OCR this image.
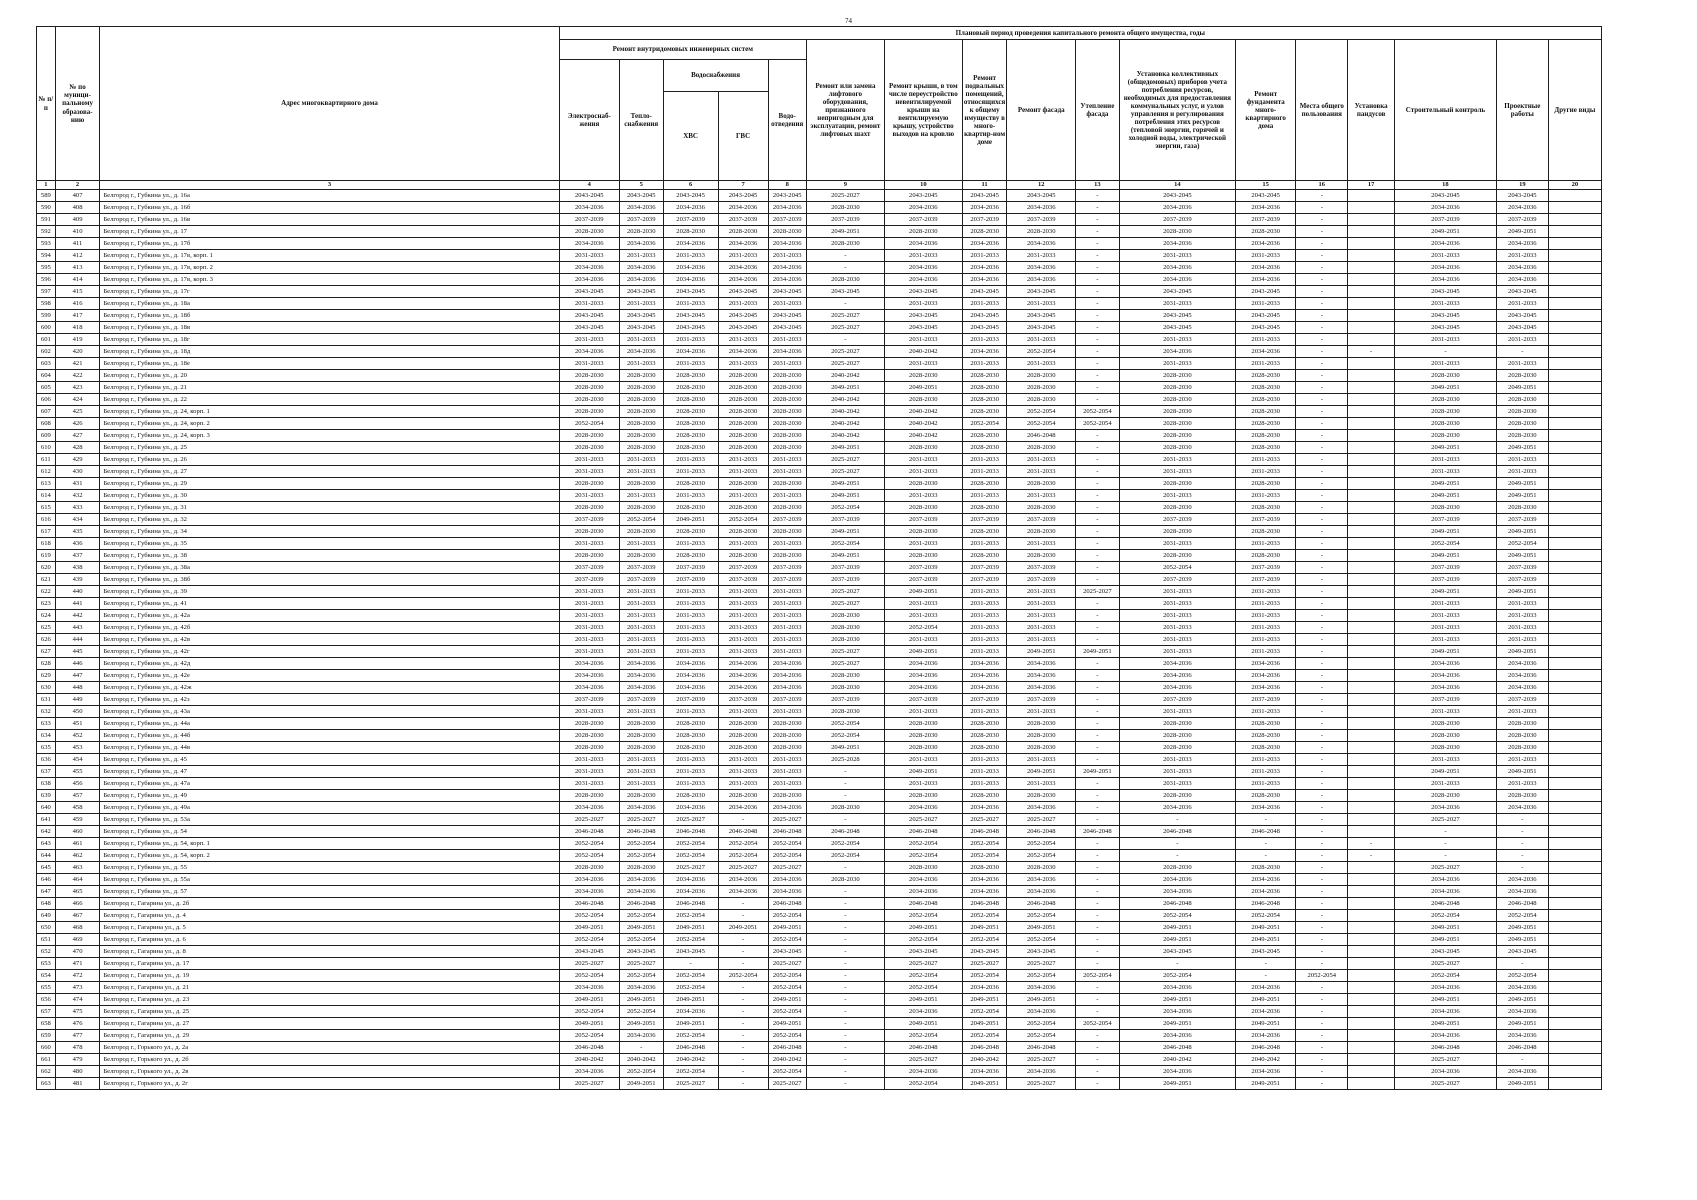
74
№ п/п	№ по муници-пальному образова-нию	Адрес многоквартирного дома	Плановый период проведения капитального ремонта общего имущества, годы																
			Ремонт внутридомовых инженерных систем					Ремонт или замена лифтового оборудования, признанного непригодным для эксплуатации, ремонт лифтовых шахт	Ремонт крыши, в том числе переустройство невентилируемой крыши на вентилируемую крышу, устройство выходов на кровлю	Ремонт подвальных помещений, относящихся к общему имуществу в много-квартир-ном доме	Ремонт фасада	Утепление фасада	Установка коллективных (общедомовых) приборов учета потребления ресурсов, необходимых для предоставления коммунальных услуг, и узлов управления и регулирования потребления этих ресурсов (тепловой энергии, горячей и холодной воды, электрической энергии, газа)	Ремонт фундамента много-квартирного дома	Места общего пользования	Установка пандусов	Строительный контроль	Проектные работы	Другие виды
			Электроснаб-жения	Тепло-снабжения	Водоснабжения		Водо-отведения												
					ХВС	ГВС													
1	2	3	4	5	6	7	8	9	10	11	12	13	14	15	16	17	18	19	20
589	407	Белгород г., Губкина ул., д. 16а	2043-2045	2043-2045	2043-2045	2043-2045	2043-2045	2025-2027	2043-2045	2043-2045	2043-2045	-	2043-2045	2043-2045	-		2043-2045	2043-2045	
590	408	Белгород г., Губкина ул., д. 16б	2034-2036	2034-2036	2034-2036	2034-2036	2034-2036	2028-2030	2034-2036	2034-2036	2034-2036	-	2034-2036	2034-2036	-		2034-2036	2034-2036	
591	409	Белгород г., Губкина ул., д. 16в	2037-2039	2037-2039	2037-2039	2037-2039	2037-2039	2037-2039	2037-2039	2037-2039	2037-2039	-	2037-2039	2037-2039	-		2037-2039	2037-2039	
592	410	Белгород г., Губкина ул., д. 17	2028-2030	2028-2030	2028-2030	2028-2030	2028-2030	2049-2051	2028-2030	2028-2030	2028-2030	-	2028-2030	2028-2030	-		2049-2051	2049-2051	
593	411	Белгород г., Губкина ул., д. 17б	2034-2036	2034-2036	2034-2036	2034-2036	2034-2036	2028-2030	2034-2036	2034-2036	2034-2036	-	2034-2036	2034-2036	-		2034-2036	2034-2036	
594	412	Белгород г., Губкина ул., д. 17в, корп. 1	2031-2033	2031-2033	2031-2033	2031-2033	2031-2033	-	2031-2033	2031-2033	2031-2033	-	2031-2033	2031-2033	-		2031-2033	2031-2033	
595	413	Белгород г., Губкина ул., д. 17в, корп. 2	2034-2036	2034-2036	2034-2036	2034-2036	2034-2036	-	2034-2036	2034-2036	2034-2036	-	2034-2036	2034-2036	-		2034-2036	2034-2036	
596	414	Белгород г., Губкина ул., д. 17в, корп. 3	2034-2036	2034-2036	2034-2036	2034-2036	2034-2036	2028-2030	2034-2036	2034-2036	2034-2036	-	2034-2036	2034-2036	-		2034-2036	2034-2036	
597	415	Белгород г., Губкина ул., д. 17г	2043-2045	2043-2045	2043-2045	2043-2045	2043-2045	2043-2045	2043-2045	2043-2045	2043-2045	-	2043-2045	2043-2045	-		2043-2045	2043-2045	
598	416	Белгород г., Губкина ул., д. 18а	2031-2033	2031-2033	2031-2033	2031-2033	2031-2033	-	2031-2033	2031-2033	2031-2033	-	2031-2033	2031-2033	-		2031-2033	2031-2033	
599	417	Белгород г., Губкина ул., д. 18б	2043-2045	2043-2045	2043-2045	2043-2045	2043-2045	2025-2027	2043-2045	2043-2045	2043-2045	-	2043-2045	2043-2045	-		2043-2045	2043-2045	
600	418	Белгород г., Губкина ул., д. 18в	2043-2045	2043-2045	2043-2045	2043-2045	2043-2045	2025-2027	2043-2045	2043-2045	2043-2045	-	2043-2045	2043-2045	-		2043-2045	2043-2045	
601	419	Белгород г., Губкина ул., д. 18г	2031-2033	2031-2033	2031-2033	2031-2033	2031-2033	-	2031-2033	2031-2033	2031-2033	-	2031-2033	2031-2033	-		2031-2033	2031-2033	
602	420	Белгород г., Губкина ул., д. 18д	2034-2036	2034-2036	2034-2036	2034-2036	2034-2036	2025-2027	2040-2042	2034-2036	2052-2054	-	2034-2036	2034-2036	-	-	-	-	
603	421	Белгород г., Губкина ул., д. 18е	2031-2033	2031-2033	2031-2033	2031-2033	2031-2033	2025-2027	2031-2033	2031-2033	2031-2033	-	2031-2033	2031-2033	-		2031-2033	2031-2033	
604	422	Белгород г., Губкина ул., д. 20	2028-2030	2028-2030	2028-2030	2028-2030	2028-2030	2040-2042	2028-2030	2028-2030	2028-2030	-	2028-2030	2028-2030	-		2028-2030	2028-2030	
605	423	Белгород г., Губкина ул., д. 21	2028-2030	2028-2030	2028-2030	2028-2030	2028-2030	2049-2051	2049-2051	2028-2030	2028-2030	-	2028-2030	2028-2030	-		2049-2051	2049-2051	
606	424	Белгород г., Губкина ул., д. 22	2028-2030	2028-2030	2028-2030	2028-2030	2028-2030	2040-2042	2028-2030	2028-2030	2028-2030	-	2028-2030	2028-2030	-		2028-2030	2028-2030	
607	425	Белгород г., Губкина ул., д. 24, корп. 1	2028-2030	2028-2030	2028-2030	2028-2030	2028-2030	2040-2042	2040-2042	2028-2030	2052-2054	2052-2054	2028-2030	2028-2030	-		2028-2030	2028-2030	
608	426	Белгород г., Губкина ул., д. 24, корп. 2	2052-2054	2028-2030	2028-2030	2028-2030	2028-2030	2040-2042	2040-2042	2052-2054	2052-2054	2052-2054	2028-2030	2028-2030	-		2028-2030	2028-2030	
609	427	Белгород г., Губкина ул., д. 24, корп. 3	2028-2030	2028-2030	2028-2030	2028-2030	2028-2030	2040-2042	2040-2042	2028-2030	2046-2048	-	2028-2030	2028-2030	-		2028-2030	2028-2030	
610	428	Белгород г., Губкина ул., д. 25	2028-2030	2028-2030	2028-2030	2028-2030	2028-2030	2049-2051	2028-2030	2028-2030	2028-2030	-	2028-2030	2028-2030	-		2049-2051	2049-2051	
611	429	Белгород г., Губкина ул., д. 26	2031-2033	2031-2033	2031-2033	2031-2033	2031-2033	2025-2027	2031-2033	2031-2033	2031-2033	-	2031-2033	2031-2033	-		2031-2033	2031-2033	
612	430	Белгород г., Губкина ул., д. 27	2031-2033	2031-2033	2031-2033	2031-2033	2031-2033	2025-2027	2031-2033	2031-2033	2031-2033	-	2031-2033	2031-2033	-		2031-2033	2031-2033	
613	431	Белгород г., Губкина ул., д. 29	2028-2030	2028-2030	2028-2030	2028-2030	2028-2030	2049-2051	2028-2030	2028-2030	2028-2030	-	2028-2030	2028-2030	-		2049-2051	2049-2051	
614	432	Белгород г., Губкина ул., д. 30	2031-2033	2031-2033	2031-2033	2031-2033	2031-2033	2049-2051	2031-2033	2031-2033	2031-2033	-	2031-2033	2031-2033	-		2049-2051	2049-2051	
615	433	Белгород г., Губкина ул., д. 31	2028-2030	2028-2030	2028-2030	2028-2030	2028-2030	2052-2054	2028-2030	2028-2030	2028-2030	-	2028-2030	2028-2030	-		2028-2030	2028-2030	
616	434	Белгород г., Губкина ул., д. 32	2037-2039	2052-2054	2049-2051	2052-2054	2037-2039	2037-2039	2037-2039	2037-2039	2037-2039	-	2037-2039	2037-2039	-		2037-2039	2037-2039	
617	435	Белгород г., Губкина ул., д. 34	2028-2030	2028-2030	2028-2030	2028-2030	2028-2030	2049-2051	2028-2030	2028-2030	2028-2030	-	2028-2030	2028-2030	-		2049-2051	2049-2051	
618	436	Белгород г., Губкина ул., д. 35	2031-2033	2031-2033	2031-2033	2031-2033	2031-2033	2052-2054	2031-2033	2031-2033	2031-2033	-	2031-2033	2031-2033	-		2052-2054	2052-2054	
619	437	Белгород г., Губкина ул., д. 38	2028-2030	2028-2030	2028-2030	2028-2030	2028-2030	2049-2051	2028-2030	2028-2030	2028-2030	-	2028-2030	2028-2030	-		2049-2051	2049-2051	
620	438	Белгород г., Губкина ул., д. 38а	2037-2039	2037-2039	2037-2039	2037-2039	2037-2039	2037-2039	2037-2039	2037-2039	2037-2039	-	2052-2054	2037-2039	-		2037-2039	2037-2039	
621	439	Белгород г., Губкина ул., д. 38б	2037-2039	2037-2039	2037-2039	2037-2039	2037-2039	2037-2039	2037-2039	2037-2039	2037-2039	-	2037-2039	2037-2039	-		2037-2039	2037-2039	
622	440	Белгород г., Губкина ул., д. 39	2031-2033	2031-2033	2031-2033	2031-2033	2031-2033	2025-2027	2049-2051	2031-2033	2031-2033	2025-2027	2031-2033	2031-2033	-		2049-2051	2049-2051	
623	441	Белгород г., Губкина ул., д. 41	2031-2033	2031-2033	2031-2033	2031-2033	2031-2033	2025-2027	2031-2033	2031-2033	2031-2033	-	2031-2033	2031-2033	-		2031-2033	2031-2033	
624	442	Белгород г., Губкина ул., д. 42а	2031-2033	2031-2033	2031-2033	2031-2033	2031-2033	2028-2030	2031-2033	2031-2033	2031-2033	-	2031-2033	2031-2033	-		2031-2033	2031-2033	
625	443	Белгород г., Губкина ул., д. 42б	2031-2033	2031-2033	2031-2033	2031-2033	2031-2033	2028-2030	2052-2054	2031-2033	2031-2033	-	2031-2033	2031-2033	-		2031-2033	2031-2033	
626	444	Белгород г., Губкина ул., д. 42в	2031-2033	2031-2033	2031-2033	2031-2033	2031-2033	2028-2030	2031-2033	2031-2033	2031-2033	-	2031-2033	2031-2033	-		2031-2033	2031-2033	
627	445	Белгород г., Губкина ул., д. 42г	2031-2033	2031-2033	2031-2033	2031-2033	2031-2033	2025-2027	2049-2051	2031-2033	2049-2051	2049-2051	2031-2033	2031-2033	-		2049-2051	2049-2051	
628	446	Белгород г., Губкина ул., д. 42д	2034-2036	2034-2036	2034-2036	2034-2036	2034-2036	2025-2027	2034-2036	2034-2036	2034-2036	-	2034-2036	2034-2036	-		2034-2036	2034-2036	
629	447	Белгород г., Губкина ул., д. 42е	2034-2036	2034-2036	2034-2036	2034-2036	2034-2036	2028-2030	2034-2036	2034-2036	2034-2036	-	2034-2036	2034-2036	-		2034-2036	2034-2036	
630	448	Белгород г., Губкина ул., д. 42ж	2034-2036	2034-2036	2034-2036	2034-2036	2034-2036	2028-2030	2034-2036	2034-2036	2034-2036	-	2034-2036	2034-2036	-		2034-2036	2034-2036	
631	449	Белгород г., Губкина ул., д. 42з	2037-2039	2037-2039	2037-2039	2037-2039	2037-2039	2037-2039	2037-2039	2037-2039	2037-2039	-	2037-2039	2037-2039	-		2037-2039	2037-2039	
632	450	Белгород г., Губкина ул., д. 43а	2031-2033	2031-2033	2031-2033	2031-2033	2031-2033	2028-2030	2031-2033	2031-2033	2031-2033	-	2031-2033	2031-2033	-		2031-2033	2031-2033	
633	451	Белгород г., Губкина ул., д. 44а	2028-2030	2028-2030	2028-2030	2028-2030	2028-2030	2052-2054	2028-2030	2028-2030	2028-2030	-	2028-2030	2028-2030	-		2028-2030	2028-2030	
634	452	Белгород г., Губкина ул., д. 44б	2028-2030	2028-2030	2028-2030	2028-2030	2028-2030	2052-2054	2028-2030	2028-2030	2028-2030	-	2028-2030	2028-2030	-		2028-2030	2028-2030	
635	453	Белгород г., Губкина ул., д. 44в	2028-2030	2028-2030	2028-2030	2028-2030	2028-2030	2049-2051	2028-2030	2028-2030	2028-2030	-	2028-2030	2028-2030	-		2028-2030	2028-2030	
636	454	Белгород г., Губкина ул., д. 45	2031-2033	2031-2033	2031-2033	2031-2033	2031-2033	2025-2028	2031-2033	2031-2033	2031-2033	-	2031-2033	2031-2033	-		2031-2033	2031-2033	
637	455	Белгород г., Губкина ул., д. 47	2031-2033	2031-2033	2031-2033	2031-2033	2031-2033	-	2049-2051	2031-2033	2049-2051	2049-2051	2031-2033	2031-2033	-		2049-2051	2049-2051	
638	456	Белгород г., Губкина ул., д. 47а	2031-2033	2031-2033	2031-2033	2031-2033	2031-2033	-	2031-2033	2031-2033	2031-2033	-	2031-2033	2031-2033	-		2031-2033	2031-2033	
639	457	Белгород г., Губкина ул., д. 49	2028-2030	2028-2030	2028-2030	2028-2030	2028-2030	-	2028-2030	2028-2030	2028-2030	-	2028-2030	2028-2030	-		2028-2030	2028-2030	
640	458	Белгород г., Губкина ул., д. 49а	2034-2036	2034-2036	2034-2036	2034-2036	2034-2036	2028-2030	2034-2036	2034-2036	2034-2036	-	2034-2036	2034-2036	-		2034-2036	2034-2036	
641	459	Белгород г., Губкина ул., д. 53а	2025-2027	2025-2027	2025-2027	-	2025-2027	-	2025-2027	2025-2027	2025-2027	-	-	-	-		2025-2027	-	
642	460	Белгород г., Губкина ул., д. 54	2046-2048	2046-2048	2046-2048	2046-2048	2046-2048	2046-2048	2046-2048	2046-2048	2046-2048	2046-2048	2046-2048	2046-2048	-		-	-	
643	461	Белгород г., Губкина ул., д. 54, корп. 1	2052-2054	2052-2054	2052-2054	2052-2054	2052-2054	2052-2054	2052-2054	2052-2054	2052-2054	-	-	-	-	-	-	-	
644	462	Белгород г., Губкина ул., д. 54, корп. 2	2052-2054	2052-2054	2052-2054	2052-2054	2052-2054	2052-2054	2052-2054	2052-2054	2052-2054	-	-	-	-	-	-	-	
645	463	Белгород г., Губкина ул., д. 55	2028-2030	2028-2030	2025-2027	2025-2027	2025-2027	-	2028-2030	2028-2030	2028-2030	-	2028-2030	2028-2030	-		2025-2027	-	
646	464	Белгород г., Губкина ул., д. 55а	2034-2036	2034-2036	2034-2036	2034-2036	2034-2036	2028-2030	2034-2036	2034-2036	2034-2036	-	2034-2036	2034-2036	-		2034-2036	2034-2036	
647	465	Белгород г., Губкина ул., д. 57	2034-2036	2034-2036	2034-2036	2034-2036	2034-2036	-	2034-2036	2034-2036	2034-2036	-	2034-2036	2034-2036	-		2034-2036	2034-2036	
648	466	Белгород г., Гагарина ул., д. 2б	2046-2048	2046-2048	2046-2048	-	2046-2048	-	2046-2048	2046-2048	2046-2048	-	2046-2048	2046-2048	-		2046-2048	2046-2048	
649	467	Белгород г., Гагарина ул., д. 4	2052-2054	2052-2054	2052-2054	-	2052-2054	-	2052-2054	2052-2054	2052-2054	-	2052-2054	2052-2054	-		2052-2054	2052-2054	
650	468	Белгород г., Гагарина ул., д. 5	2049-2051	2049-2051	2049-2051	2049-2051	2049-2051	-	2049-2051	2049-2051	2049-2051	-	2049-2051	2049-2051	-		2049-2051	2049-2051	
651	469	Белгород г., Гагарина ул., д. 6	2052-2054	2052-2054	2052-2054	-	2052-2054	-	2052-2054	2052-2054	2052-2054	-	2049-2051	2049-2051	-		2049-2051	2049-2051	
652	470	Белгород г., Гагарина ул., д. 8	2043-2045	2043-2045	2043-2045	-	2043-2045	-	2043-2045	2043-2045	2043-2045	-	2043-2045	2043-2045	-		2043-2045	2043-2045	
653	471	Белгород г., Гагарина ул., д. 17	2025-2027	2025-2027	-	-	2025-2027	-	2025-2027	2025-2027	2025-2027	-	-	-	-		2025-2027	-	
654	472	Белгород г., Гагарина ул., д. 19	2052-2054	2052-2054	2052-2054	2052-2054	2052-2054	-	2052-2054	2052-2054	2052-2054	2052-2054	2052-2054	-	2052-2054		2052-2054	2052-2054	
655	473	Белгород г., Гагарина ул., д. 21	2034-2036	2034-2036	2052-2054	-	2052-2054	-	2052-2054	2034-2036	2034-2036	-	2034-2036	2034-2036	-		2034-2036	2034-2036	
656	474	Белгород г., Гагарина ул., д. 23	2049-2051	2049-2051	2049-2051	-	2049-2051	-	2049-2051	2049-2051	2049-2051	-	2049-2051	2049-2051	-		2049-2051	2049-2051	
657	475	Белгород г., Гагарина ул., д. 25	2052-2054	2052-2054	2034-2036	-	2052-2054	-	2034-2036	2052-2054	2034-2036	-	2034-2036	2034-2036	-		2034-2036	2034-2036	
658	476	Белгород г., Гагарина ул., д. 27	2049-2051	2049-2051	2049-2051	-	2049-2051	-	2049-2051	2049-2051	2052-2054	2052-2054	2049-2051	2049-2051	-		2049-2051	2049-2051	
659	477	Белгород г., Гагарина ул., д. 29	2052-2054	2034-2036	2052-2054	-	2052-2054	-	2052-2054	2052-2054	2052-2054	-	2034-2036	2034-2036	-		2034-2036	2034-2036	
660	478	Белгород г., Горького ул., д. 2а	2046-2048	-	2046-2048	-	2046-2048	-	2046-2048	2046-2048	2046-2048	-	2046-2048	2046-2048	-		2046-2048	2046-2048	
661	479	Белгород г., Горького ул., д. 2б	2040-2042	2040-2042	2040-2042	-	2040-2042	-	2025-2027	2040-2042	2025-2027	-	2040-2042	2040-2042	-		2025-2027	-	
662	480	Белгород г., Горького ул., д. 2в	2034-2036	2052-2054	2052-2054	-	2052-2054	-	2034-2036	2034-2036	2034-2036	-	2034-2036	2034-2036	-		2034-2036	2034-2036	
663	481	Белгород г., Горького ул., д. 2г	2025-2027	2049-2051	2025-2027	-	2025-2027	-	2052-2054	2049-2051	2025-2027	-	2049-2051	2049-2051	-		2025-2027	2049-2051	
